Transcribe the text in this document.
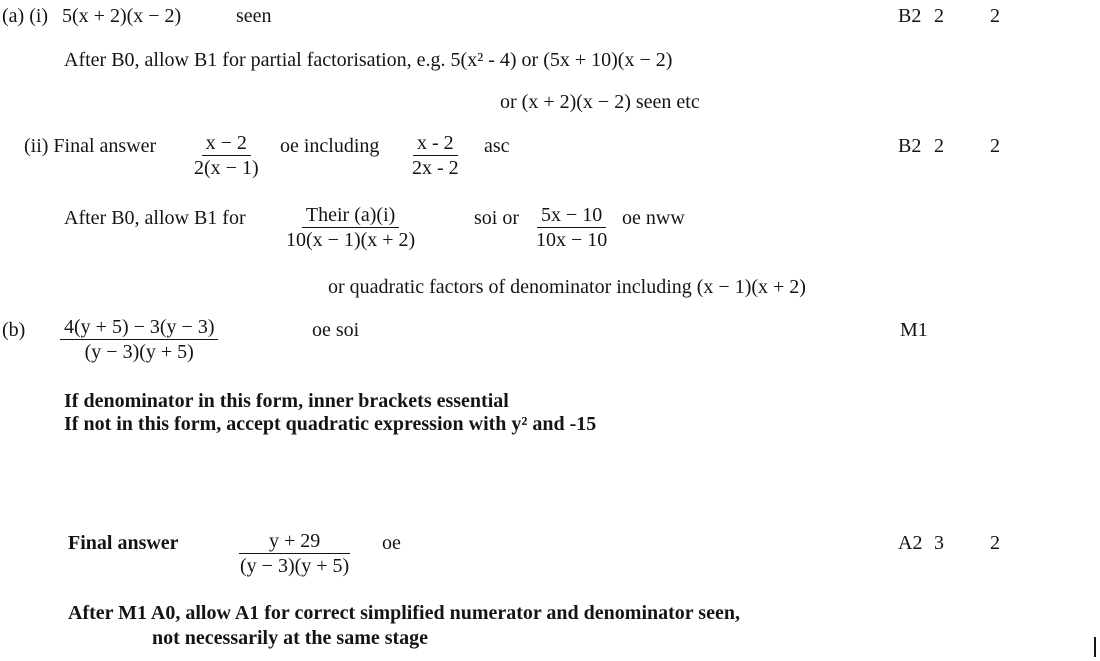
(a) (i) 5(x + 2)(x − 2)	seen	B2 2 2
After B0, allow B1 for partial factorisation, e.g. 5(x² - 4) or (5x + 10)(x − 2)
or (x + 2)(x − 2) seen etc
(ii) Final answer $\frac{x - 2}{2(x - 1)}$ oe including $\frac{x - 2}{2x - 2}$ asc	B2 2 2
After B0, allow B1 for	Their (a)(i)
10(x − 1)(x + 2)
soi or $\frac{5x - 10}{10x - 10}$ oe nww
or quadratic factors of denominator including (x − 1)(x + 2)
$(b) \frac{4(y + 5) - 3(y - 3)}{(y - 3)(y + 5)}$	oe soi	M1
If denominator in this form, inner brackets essential
If not in this form, accept quadratic expression with y² and -15
Final answer	$\frac{y + 29}{(y - 3)(y + 5)}$ oe	A2 3 2
After M1 A0, allow A1 for correct simplified numerator and denominator seen,
not necessarily at the same stage
